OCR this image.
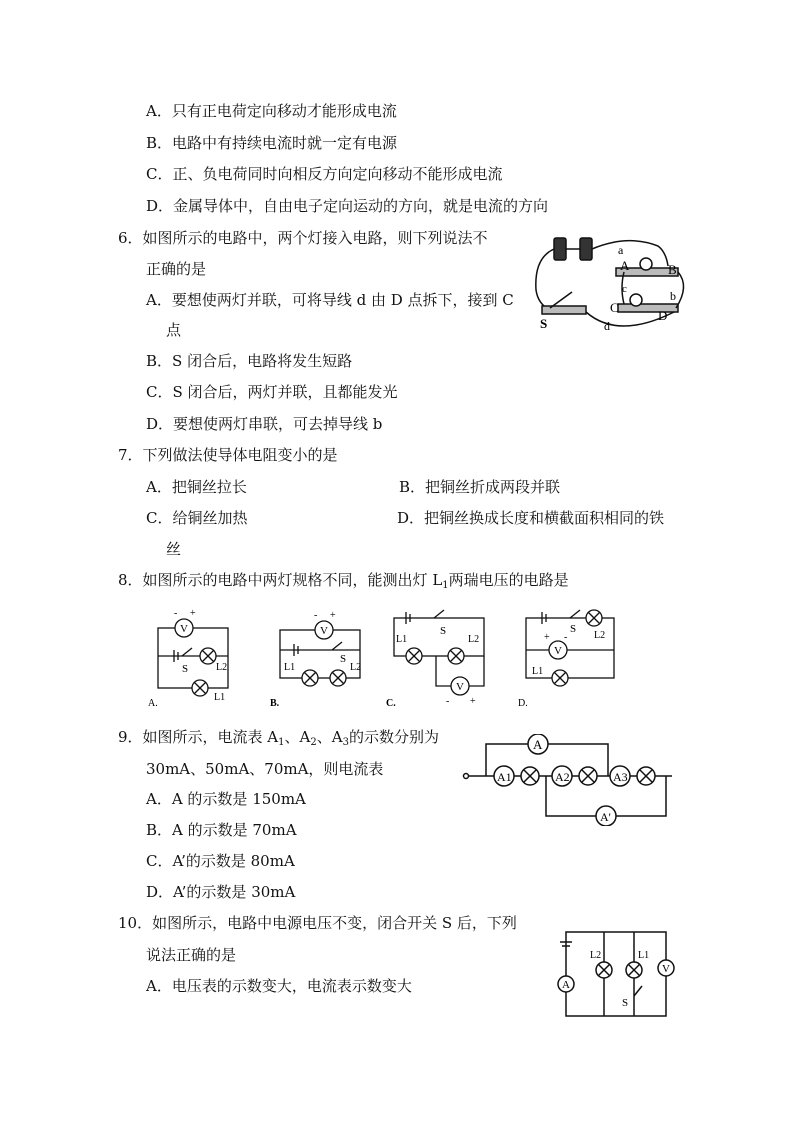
A．只有正电荷定向移动才能形成电流
B．电路中有持续电流时就一定有电源
C．正、负电荷同时向相反方向定向移动不能形成电流
D．金属导体中，自由电子定向运动的方向，就是电流的方向
6．如图所示的电路中，两个灯接入电路，则下列说法不
正确的是
A．要想使两灯并联，可将导线 d 由 D 点拆下，接到 C
点
B．S 闭合后，电路将发生短路
C．S 闭合后，两灯并联，且都能发光
D．要想使两灯串联，可去掉导线 b
a
A	B
c	b
C
D
S	d
7．下列做法使导体电阻变小的是
A．把铜丝拉长	B．把铜丝折成两段并联
C．给铜丝加热	D．把铜丝换成长度和横截面积相同的铁
丝
8．如图所示的电路中两灯规格不同，能测出灯 $L_1$两瑞电压的电路是
V
- +
S	L2
L1
A.
V
- +
S
L1	L2
B.
S
L1	L2
V
- +
C.
S
L2
+ -
V
L1
D.
9．如图所示，电流表 $A_1$、$A_2$、$A_3$的示数分别为
30mA、50mA、70mA，则电流表
A．A 的示数是 150mA
B．A 的示数是 70mA
C．A’的示数是 80mA
D．A’的示数是 30mA
A
A1	A2	A3
A'
10．如图所示，电路中电源电压不变，闭合开关 S 后，下列
说法正确的是
A．电压表的示数变大，电流表示数变大	A
V
L2	L1
S
